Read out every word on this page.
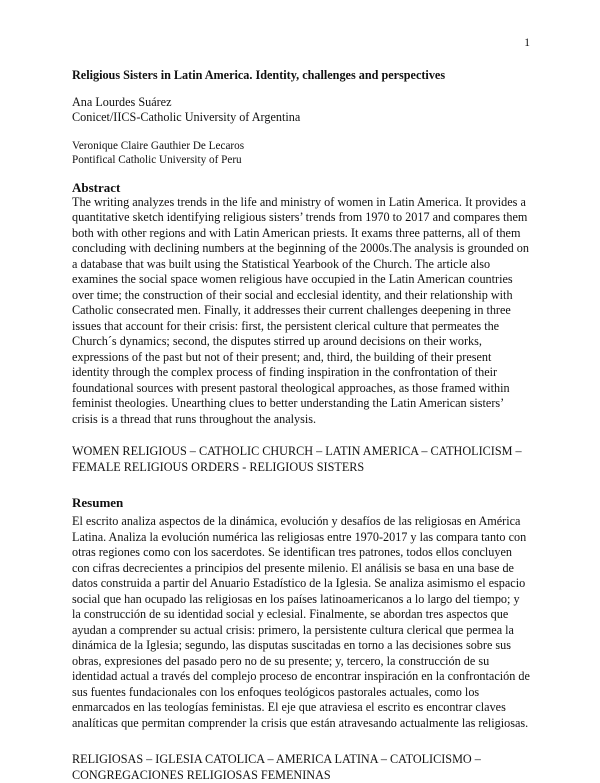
1

Religious Sisters in Latin America. Identity, challenges and perspectives

Ana Lourdes Suárez

Conicet/IICS-Catholic University of Argentina

Veronique Claire Gauthier De Lecaros

Pontifical Catholic University of Peru

Abstract

The writing analyzes trends in the life and ministry of women in Latin America. It provides a quantitative sketch identifying religious sisters’ trends from 1970 to 2017 and compares them both with other regions and with Latin American priests. It exams three patterns, all of them concluding with declining numbers at the beginning of the 2000s.The analysis is grounded on a database that was built using the Statistical Yearbook of the Church. The article also examines the social space women religious have occupied in the Latin American countries over time; the construction of their social and ecclesial identity, and their relationship with Catholic consecrated men. Finally, it addresses their current challenges deepening in three issues that account for their crisis: first, the persistent clerical culture that permeates the Church´s dynamics; second, the disputes stirred up around decisions on their works, expressions of the past but not of their present; and, third, the building of their present identity through the complex process of finding inspiration in the confrontation of their foundational sources with present pastoral theological approaches, as those framed within feminist theologies. Unearthing clues to better understanding the Latin American sisters’ crisis is a thread that runs throughout the analysis.

WOMEN RELIGIOUS – CATHOLIC CHURCH – LATIN AMERICA – CATHOLICISM –
FEMALE RELIGIOUS ORDERS - RELIGIOUS SISTERS

Resumen

El escrito analiza aspectos de la dinámica, evolución y desafíos de las religiosas en América Latina. Analiza la evolución numérica las religiosas entre 1970-2017 y las compara tanto con otras regiones como con los sacerdotes. Se identifican tres patrones, todos ellos concluyen con cifras decrecientes a principios del presente milenio. El análisis se basa en una base de datos construida a partir del Anuario Estadístico de la Iglesia. Se analiza asimismo el espacio social que han ocupado las religiosas en los países latinoamericanos a lo largo del tiempo; y la construcción de su identidad social y eclesial. Finalmente, se abordan tres aspectos que ayudan a comprender su actual crisis: primero, la persistente cultura clerical que permea la dinámica de la Iglesia; segundo, las disputas suscitadas en torno a las decisiones sobre sus obras, expresiones del pasado pero no de su presente; y, tercero, la construcción de su identidad actual a través del complejo proceso de encontrar inspiración en la confrontación de sus fuentes fundacionales con los enfoques teológicos pastorales actuales, como los enmarcados en las teologías feministas. El eje que atraviesa el escrito es encontrar claves analíticas que permitan comprender la crisis que están atravesando actualmente las religiosas.

RELIGIOSAS – IGLESIA CATOLICA – AMERICA LATINA – CATOLICISMO –
CONGREGACIONES RELIGIOSAS FEMENINAS
